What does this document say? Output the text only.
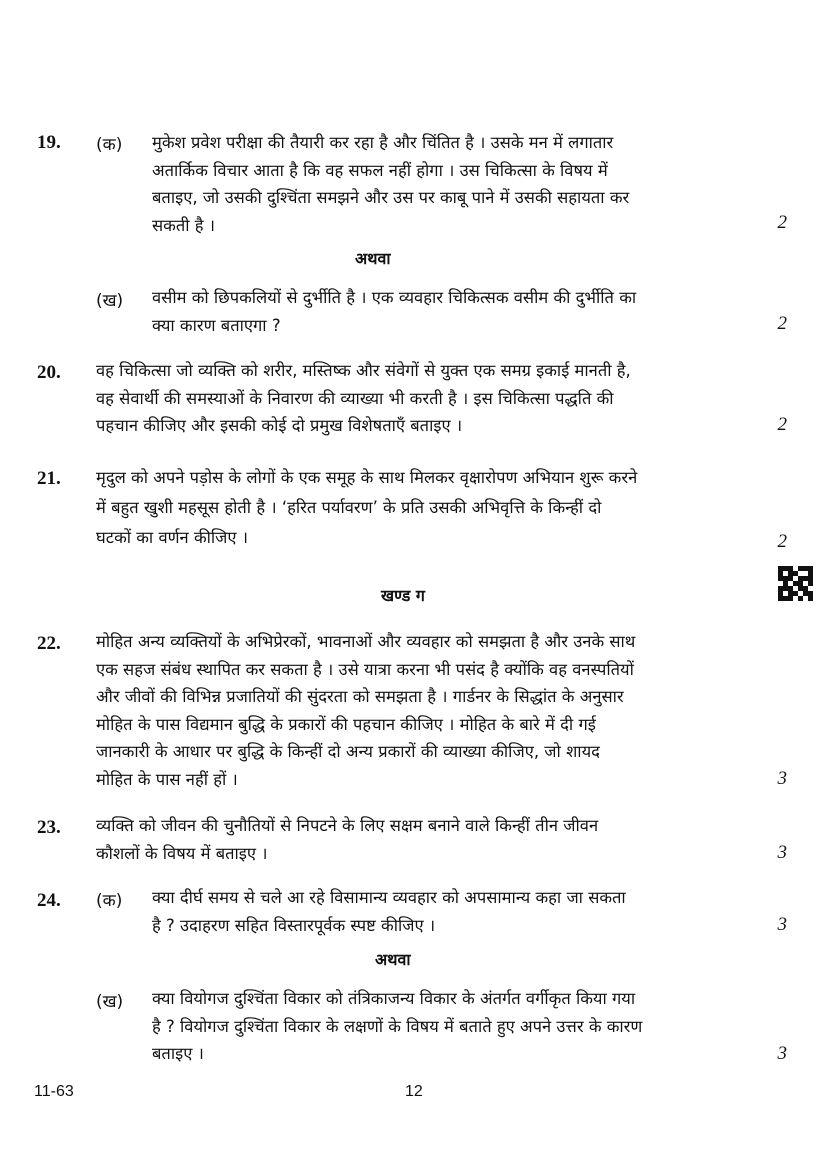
19. (क) मुकेश प्रवेश परीक्षा की तैयारी कर रहा है और चिंतित है । उसके मन में लगातार
अतार्किक विचार आता है कि वह सफल नहीं होगा । उस चिकित्सा के विषय में
बताइए, जो उसकी दुश्चिंता समझने और उस पर काबू पाने में उसकी सहायता कर
सकती है ।	2
अथवा
(ख) वसीम को छिपकलियों से दुर्भीति है । एक व्यवहार चिकित्सक वसीम की दुर्भीति का
क्या कारण बताएगा ?	2
20. वह चिकित्सा जो व्यक्ति को शरीर, मस्तिष्क और संवेगों से युक्त एक समग्र इकाई मानती है,
वह सेवार्थी की समस्याओं के निवारण की व्याख्या भी करती है । इस चिकित्सा पद्धति की
पहचान कीजिए और इसकी कोई दो प्रमुख विशेषताएँ बताइए ।	2
21. मृदुल को अपने पड़ोस के लोगों के एक समूह के साथ मिलकर वृक्षारोपण अभियान शुरू करने
में बहुत खुशी महसूस होती है । ‘हरित पर्यावरण’ के प्रति उसकी अभिवृत्ति के किन्हीं दो
घटकों का वर्णन कीजिए ।	2
खण्ड ग
22. मोहित अन्य व्यक्तियों के अभिप्रेरकों, भावनाओं और व्यवहार को समझता है और उनके साथ
एक सहज संबंध स्थापित कर सकता है । उसे यात्रा करना भी पसंद है क्योंकि वह वनस्पतियों
और जीवों की विभिन्न प्रजातियों की सुंदरता को समझता है । गार्डनर के सिद्धांत के अनुसार
मोहित के पास विद्यमान बुद्धि के प्रकारों की पहचान कीजिए । मोहित के बारे में दी गई
जानकारी के आधार पर बुद्धि के किन्हीं दो अन्य प्रकारों की व्याख्या कीजिए, जो शायद
मोहित के पास नहीं हों ।	3
23. व्यक्ति को जीवन की चुनौतियों से निपटने के लिए सक्षम बनाने वाले किन्हीं तीन जीवन
कौशलों के विषय में बताइए ।	3
24. (क) क्या दीर्घ समय से चले आ रहे विसामान्य व्यवहार को अपसामान्य कहा जा सकता
है ? उदाहरण सहित विस्तारपूर्वक स्पष्ट कीजिए ।	3
अथवा
(ख) क्या वियोगज दुश्चिंता विकार को तंत्रिकाजन्य विकार के अंतर्गत वर्गीकृत किया गया
है ? वियोगज दुश्चिंता विकार के लक्षणों के विषय में बताते हुए अपने उत्तर के कारण
बताइए ।	3
11-63	12
